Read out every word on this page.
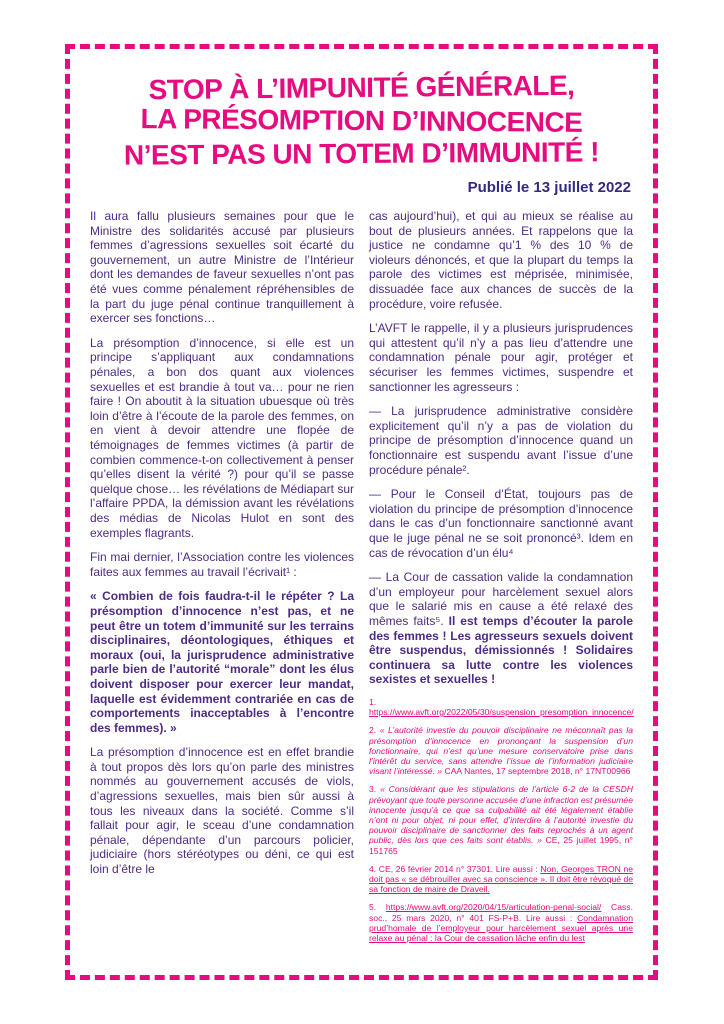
STOP À L’IMPUNITÉ GÉNÉRALE,
LA PRÉSOMPTION D’INNOCENCE
N’EST PAS UN TOTEM D’IMMUNITÉ !
Publié le 13 juillet 2022

Il aura fallu plusieurs semaines pour que le Ministre des solidarités accusé par plusieurs femmes d’agressions sexuelles soit écarté du gouvernement, un autre Ministre de l’Intérieur dont les demandes de faveur sexuelles n’ont pas été vues comme pénalement répréhensibles de la part du juge pénal continue tranquillement à exercer ses fonctions…

La présomption d’innocence, si elle est un principe s’appliquant aux condamnations pénales, a bon dos quant aux violences sexuelles et est brandie à tout va… pour ne rien faire ! On aboutit à la situation ubuesque où très loin d’être à l’écoute de la parole des femmes, on en vient à devoir attendre une flopée de témoignages de femmes victimes (à partir de combien commence-t-on collectivement à penser qu’elles disent la vérité ?) pour qu’il se passe quelque chose… les révélations de Médiapart sur l’affaire PPDA, la démission avant les révélations des médias de Nicolas Hulot en sont des exemples flagrants.

Fin mai dernier, l’Association contre les violences faites aux femmes au travail l’écrivait¹ :

« Combien de fois faudra-t-il le répéter ? La présomption d’innocence n’est pas, et ne peut être un totem d’immunité sur les terrains disciplinaires, déontologiques, éthiques et moraux (oui, la jurisprudence administrative parle bien de l’autorité “morale” dont les élus doivent disposer pour exercer leur mandat, laquelle est évidemment contrariée en cas de comportements inacceptables à l’encontre des femmes). »

La présomption d’innocence est en effet brandie à tout propos dès lors qu’on parle des ministres nommés au gouvernement accusés de viols, d’agressions sexuelles, mais bien sûr aussi à tous les niveaux dans la société. Comme s’il fallait pour agir, le sceau d’une condamnation pénale, dépendante d’un parcours policier, judiciaire (hors stéréotypes ou déni, ce qui est loin d’être le

cas aujourd’hui), et qui au mieux se réalise au bout de plusieurs années. Et rappelons que la justice ne condamne qu’1 % des 10 % de violeurs dénoncés, et que la plupart du temps la parole des victimes est méprisée, minimisée, dissuadée face aux chances de succès de la procédure, voire refusée.

L’AVFT le rappelle, il y a plusieurs jurisprudences qui attestent qu’il n’y a pas lieu d’attendre une condamnation pénale pour agir, protéger et sécuriser les femmes victimes, suspendre et sanctionner les agresseurs :

— La jurisprudence administrative considère explicitement qu’il n’y a pas de violation du principe de présomption d’innocence quand un fonctionnaire est suspendu avant l’issue d’une procédure pénale².

— Pour le Conseil d’État, toujours pas de violation du principe de présomption d’innocence dans le cas d’un fonctionnaire sanctionné avant que le juge pénal ne se soit prononcé³. Idem en cas de révocation d’un élu⁴

— La Cour de cassation valide la condamnation d’un employeur pour harcèlement sexuel alors que le salarié mis en cause a été relaxé des mêmes faits⁵. Il est temps d’écouter la parole des femmes ! Les agresseurs sexuels doivent être suspendus, démissionnés ! Solidaires continuera sa lutte contre les violences sexistes et sexuelles !

1. https://www.avft.org/2022/05/30/suspension_presomption_innocence/

2. « L’autorité investie du pouvoir disciplinaire ne méconnaît pas la présomption d’innocence en prononçant la suspension d’un fonctionnaire, qui n’est qu’une mesure conservatoire prise dans l’intérêt du service, sans attendre l’issue de l’information judiciaire visant l’intéressé. » CAA Nantes, 17 septembre 2018, n° 17NT00966

3. « Considérant que les stipulations de l’article 6-2 de la CESDH prévoyant que toute personne accusée d’une infraction est présumée innocente jusqu’à ce que sa culpabilité ait été légalement établie n’ont ni pour objet, ni pour effet, d’interdire à l’autorité investie du pouvoir disciplinaire de sanctionner des faits reprochés à un agent public, dès lors que ces faits sont établis. » CE, 25 juillet 1995, n° 151765

4. CE, 26 février 2014 n° 37301. Lire aussi : Non, Georges TRON ne doit pas « se débrouiller avec sa conscience ». Il doit être révoqué de sa fonction de maire de Draveil.

5. https://www.avft.org/2020/04/15/articulation-penal-social/ Cass. soc., 25 mars 2020, n° 401 FS-P+B. Lire aussi : Condamnation prud’homale de l’employeur pour harcèlement sexuel après une relaxe au pénal : la Cour de cassation lâche enfin du lest
